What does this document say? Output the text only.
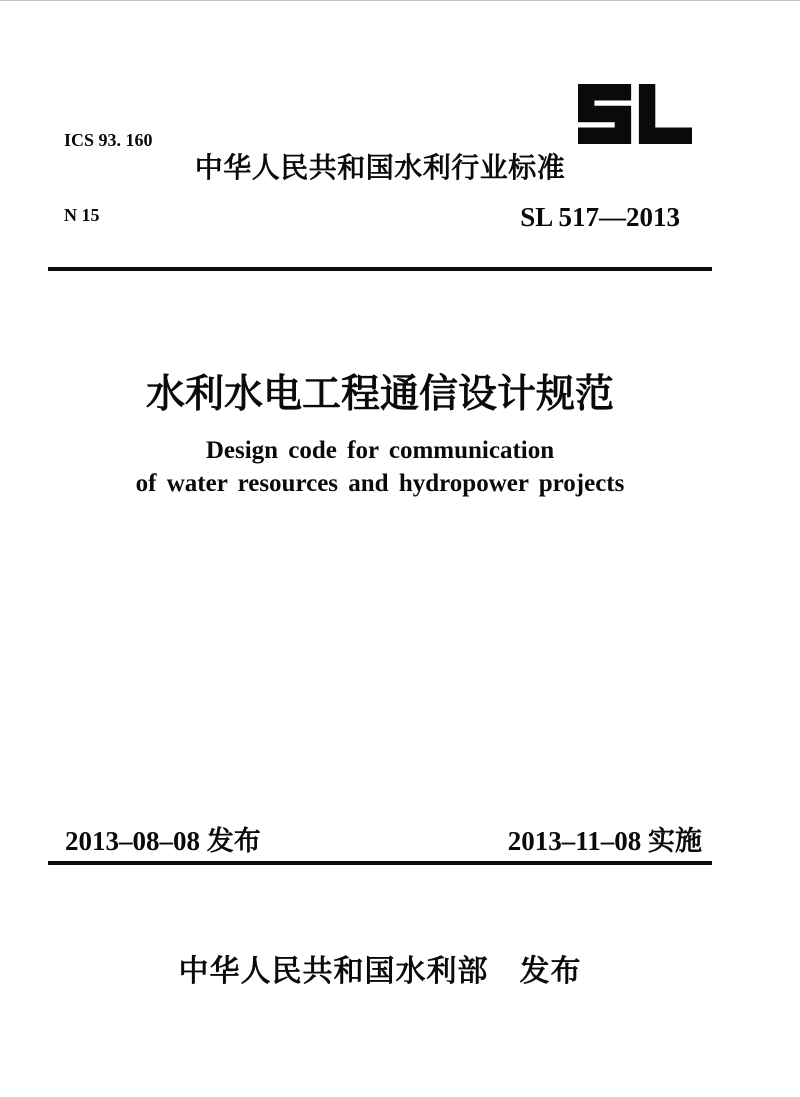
ICS 93. 160

N 15

中华人民共和国水利行业标准
SL 517—2013
水利水电工程通信设计规范
Design code for communication
of water resources and hydropower projects
2013–08–08 发布	2013–11–08 实施
中华人民共和国水利部　发布
